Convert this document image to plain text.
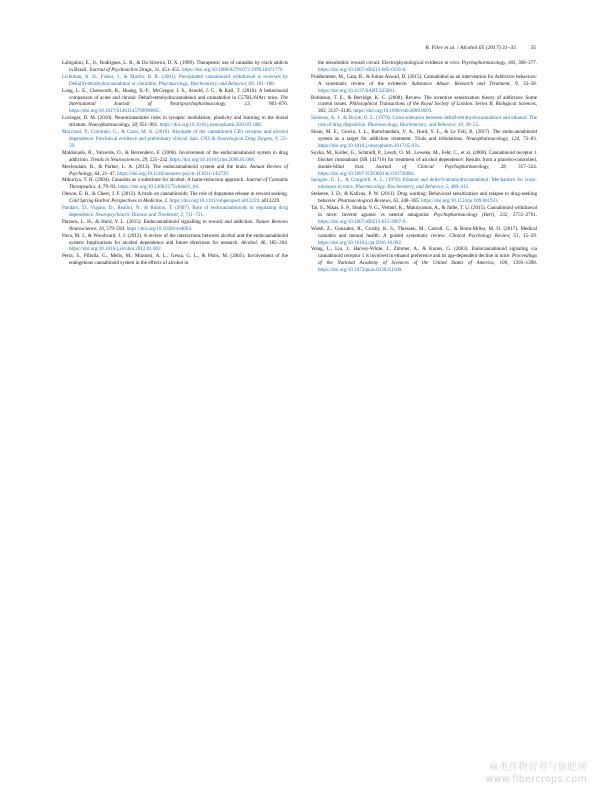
R. Filev et al. / Alcohol 65 (2017) 31–35	35

Labigalini, E., Jr., Rodrigues, L. R., & Da Silveira, D. X. (1999). Therapeutic use of cannabis by crack addicts in Brazil. Journal of Psychoactive Drugs, 31, 451–455. https://doi.org/10.1080/02791072.1999.10471776.

Lichtman, A. H., Fisher, J., & Martin, B. R. (2001). Precipitated cannabinoid withdrawal is reversed by Delta(9)-tetrahydrocannabinol or clonidine. Pharmacology, Biochemistry, and Behavior, 69, 181–188.

Long, L. E., Chesworth, R., Huang, X.-F., McGregor, I. S., Arnold, J. C., & Karl, T. (2010). A behavioural comparison of acute and chronic Delta9-tetrahydrocannabinol and cannabidiol in C57BL/6JArc mice. The International Journal of Neuropsychopharmacology, 13, 861–876. https://doi.org/10.1017/S1461145709990605.

Lovinger, D. M. (2010). Neurotransmitter roles in synaptic modulation, plasticity and learning in the dorsal striatum. Neuropharmacology, 58, 951–961. https://doi.org/10.1016/j.neuropharm.2010.01.008.

Maccioni, P., Colombo, G., & Carai, M. A. (2010). Blockade of the cannabinoid CB1 receptor and alcohol dependence: Preclinical evidence and preliminary clinical data. CNS & Neurological Drug Targets, 9, 55–59.

Maldonado, R., Valverde, O., & Berrendero, F. (2006). Involvement of the endocannabinoid system in drug addiction. Trends in Neurosciences, 29, 225–232. https://doi.org/10.1016/j.tins.2006.01.008.

Mechoulam, R., & Parker, L. A. (2013). The endocannabinoid system and the brain. Annual Review of Psychology, 64, 21–47. https://doi.org/10.1146/annurev-psych-113011-143739.

Mikuriya, T. H. (2004). Cannabis as a substitute for alcohol: A harm-reduction approach. Journal of Cannabis Therapeutics, 4, 79–93. https://doi.org/10.1300/J175v04n01_04.

Oleson, E. B., & Cheer, J. F. (2012). A brain on cannabinoids: The role of dopamine release in reward seeking. Cold Spring Harbor Perspectives in Medicine, 2. https://doi.org/10.1101/cshperspect.a012229. a012229.

Pandaro, D., Vigano, D., Realini, N., & Rubino, T. (2007). Role of endocannabinoids in regulating drug dependence. Neuropsychiatric Disease and Treatment, 3, 711–721.

Parsons, L. H., & Hurd, Y. L. (2015). Endocannabinoid signalling in reward and addiction. Nature Reviews Neuroscience, 16, 579–594. https://doi.org/10.1038/nrn4004.

Pava, M. J., & Woodward, J. J. (2012). A review of the interactions between alcohol and the endocannabinoid system: Implications for alcohol dependence and future directions for research. Alcohol, 46, 185–204. https://doi.org/10.1016/j.alcohol.2012.01.002.

Perra, S., Pillolla, G., Melis, M., Muntoni, A. L., Gessa, G. L., & Pistis, M. (2005). Involvement of the endogenous cannabinoid system in the effects of alcohol in

the mesolimbic reward circuit: Electrophysiological evidence in vivo. Psychopharmacology, 183, 368–377. https://doi.org/10.1007/s00213-005-0195-0.

Prudhomme, M., Cata, R., & Jutras-Aswad, D. (2015). Cannabidiol as an intervention for Addictive behaviors: A systematic review of the evidence. Substance Abuse: Research and Treatment, 9, 33–38. https://doi.org/10.4137/SART.S25081.

Robinson, T. E., & Berridge, K. C. (2008). Review. The incentive sensitization theory of addiction: Some current issues. Philosophical Transactions of the Royal Society of London. Series B, Biological Sciences, 363, 3137–3146. https://doi.org/10.1098/rstb.2008.0093.

Siemens, A. J., & Doyle, O. L. (1979). Cross-tolerance between delta9-tetrahydrocannabinol and ethanol: The role of drug disposition. Pharmacology, Biochemistry, and Behavior, 10, 49–55.

Sloan, M. E., Gowin, J. L., Ramchandani, V. A., Hurd, Y. L., & Le Foll, B. (2017). The endocannabinoid system as a target for addiction treatment: Trials and tribulations. Neuropharmacology, 124, 73–83. https://doi.org/10.1016/j.neuropharm.2017.05.031.

Soyka, M., Koller, G., Schmidt, P., Lesch, O. M., Leweke, M., Fehr, C., et al. (2008). Cannabinoid receptor 1 blocker rimonabant (SR 141716) for treatment of alcohol dependence: Results from a placebo-controlled, double-blind trial. Journal of Clinical Psychopharmacology, 28, 317–324. https://doi.org/10.1097/JCP.0b013e318172b8bc.

Sprague, G. L., & Craigmill, A. L. (1976). Ethanol and delta-9-tetrahydrocannabinol: Mechanism for cross-tolerance in mice. Pharmacology, Biochemistry, and Behavior, 5, 409–415.

Steketee, J. D., & Kalivas, P. W. (2011). Drug wanting: Behavioral sensitization and relapse to drug-seeking behavior. Pharmacological Reviews, 63, 348–365. https://doi.org/10.1124/pr.109.001933.

Tai, S., Nikas, S. P., Shukla, V. G., Vemuri, K., Makriyannis, A., & Järbe, T. U. (2015). Cannabinoid withdrawal in mice: Inverse agonist vs neutral antagonist. Psychopharmacology (Berl), 232, 2751–2761. https://doi.org/10.1007/s00213-015-3907-0.

Walsh, Z., Gonzalez, R., Crosby, K. S., Thiessen, M., Carroll, C., & Bonn-Miller, M. O. (2017). Medical cannabis and mental health: A guided systematic review. Clinical Psychology Review, 51, 15–29. https://doi.org/10.1016/j.cpr.2016.10.002.

Wang, L., Liu, J., Harvey-White, J., Zimmer, A., & Kunos, G. (2003). Endocannabinoid signaling via cannabinoid receptor 1 is involved in ethanol preference and its age-dependent decline in mice. Proceedings of the National Academy of Sciences of the United States of America, 100, 1393–1398. https://doi.org/10.1073/pnas.0336351100.

麻类作物营养与施肥网
www.fibercrops.com
